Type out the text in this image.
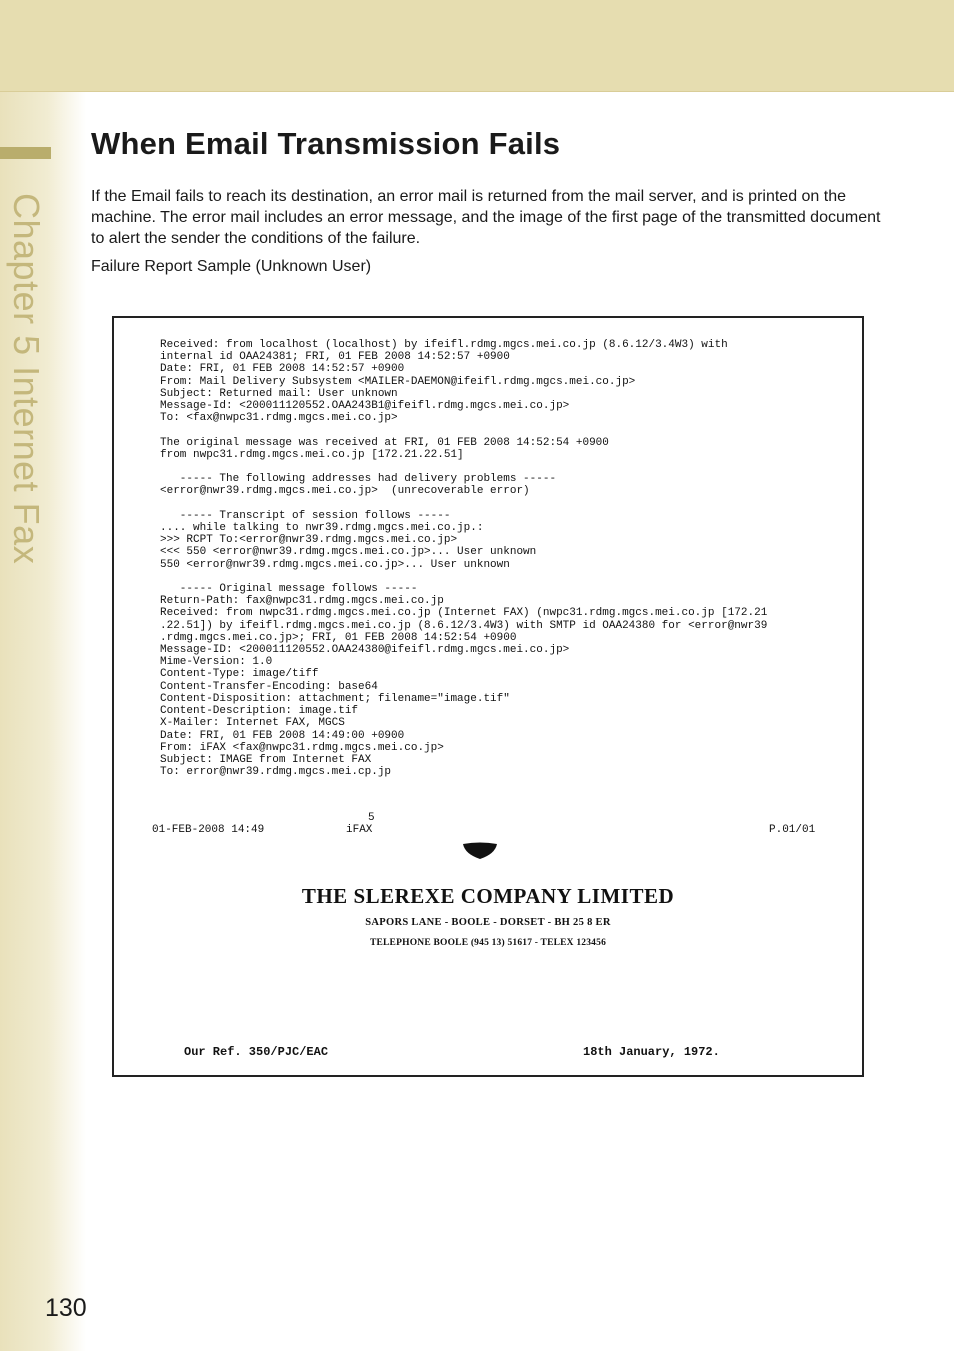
Chapter 5 Internet Fax
When Email Transmission Fails

If the Email fails to reach its destination, an error mail is returned from the mail server, and is printed on the machine. The error mail includes an error message, and the image of the first page of the transmitted document to alert the sender the conditions of the failure.

Failure Report Sample (Unknown User)

Received: from localhost (localhost) by ifeifl.rdmg.mgcs.mei.co.jp (8.6.12/3.4W3) with
internal id OAA24381; FRI, 01 FEB 2008 14:52:57 +0900
Date: FRI, 01 FEB 2008 14:52:57 +0900
From: Mail Delivery Subsystem <MAILER-DAEMON@ifeifl.rdmg.mgcs.mei.co.jp>
Subject: Returned mail: User unknown
Message-Id: <200011120552.OAA243B1@ifeifl.rdmg.mgcs.mei.co.jp>
To: <fax@nwpc31.rdmg.mgcs.mei.co.jp>

The original message was received at FRI, 01 FEB 2008 14:52:54 +0900
from nwpc31.rdmg.mgcs.mei.co.jp [172.21.22.51]

----- The following addresses had delivery problems -----
<error@nwr39.rdmg.mgcs.mei.co.jp>  (unrecoverable error)

----- Transcript of session follows -----
.... while talking to nwr39.rdmg.mgcs.mei.co.jp.:
>>> RCPT To:<error@nwr39.rdmg.mgcs.mei.co.jp>
<<< 550 <error@nwr39.rdmg.mgcs.mei.co.jp>... User unknown
550 <error@nwr39.rdmg.mgcs.mei.co.jp>... User unknown

----- Original message follows -----
Return-Path: fax@nwpc31.rdmg.mgcs.mei.co.jp
Received: from nwpc31.rdmg.mgcs.mei.co.jp (Internet FAX) (nwpc31.rdmg.mgcs.mei.co.jp [172.21
.22.51]) by ifeifl.rdmg.mgcs.mei.co.jp (8.6.12/3.4W3) with SMTP id OAA24380 for <error@nwr39
.rdmg.mgcs.mei.co.jp>; FRI, 01 FEB 2008 14:52:54 +0900
Message-ID: <200011120552.OAA24380@ifeifl.rdmg.mgcs.mei.co.jp>
Mime-Version: 1.0
Content-Type: image/tiff
Content-Transfer-Encoding: base64
Content-Disposition: attachment; filename="image.tif"
Content-Description: image.tif
X-Mailer: Internet FAX, MGCS
Date: FRI, 01 FEB 2008 14:49:00 +0900
From: iFAX <fax@nwpc31.rdmg.mgcs.mei.co.jp>
Subject: IMAGE from Internet FAX
To: error@nwr39.rdmg.mgcs.mei.cp.jp
5
01-FEB-2008 14:49	iFAX	P.01/01
THE SLEREXE COMPANY LIMITED
SAPORS LANE - BOOLE - DORSET - BH 25 8 ER
TELEPHONE BOOLE (945 13) 51617 - TELEX 123456
Our Ref. 350/PJC/EAC	18th January, 1972.
130
